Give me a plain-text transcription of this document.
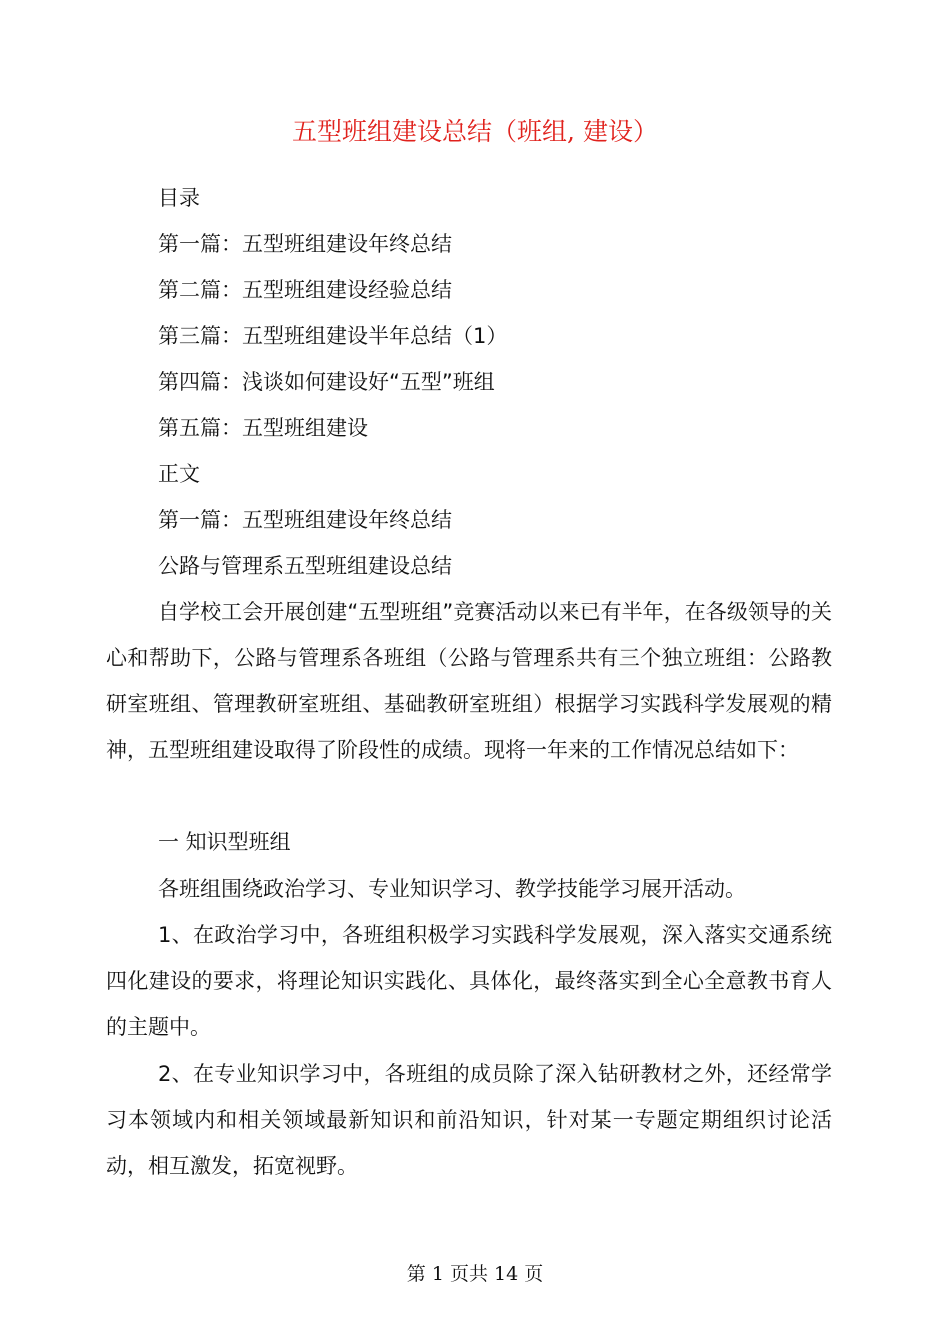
五型班组建设总结（班组, 建设）

目录

第一篇：五型班组建设年终总结

第二篇：五型班组建设经验总结

第三篇：五型班组建设半年总结（1）

第四篇：浅谈如何建设好“五型”班组

第五篇：五型班组建设

正文

第一篇：五型班组建设年终总结

公路与管理系五型班组建设总结

自学校工会开展创建“五型班组”竞赛活动以来已有半年，在各级领导的关心和帮助下，公路与管理系各班组（公路与管理系共有三个独立班组：公路教研室班组、管理教研室班组、基础教研室班组）根据学习实践科学发展观的精神，五型班组建设取得了阶段性的成绩。现将一年来的工作情况总结如下：

一 知识型班组

各班组围绕政治学习、专业知识学习、教学技能学习展开活动。

1、在政治学习中，各班组积极学习实践科学发展观，深入落实交通系统四化建设的要求，将理论知识实践化、具体化，最终落实到全心全意教书育人的主题中。

2、在专业知识学习中，各班组的成员除了深入钻研教材之外，还经常学习本领域内和相关领域最新知识和前沿知识，针对某一专题定期组织讨论活动，相互激发，拓宽视野。

第 1 页共 14 页
